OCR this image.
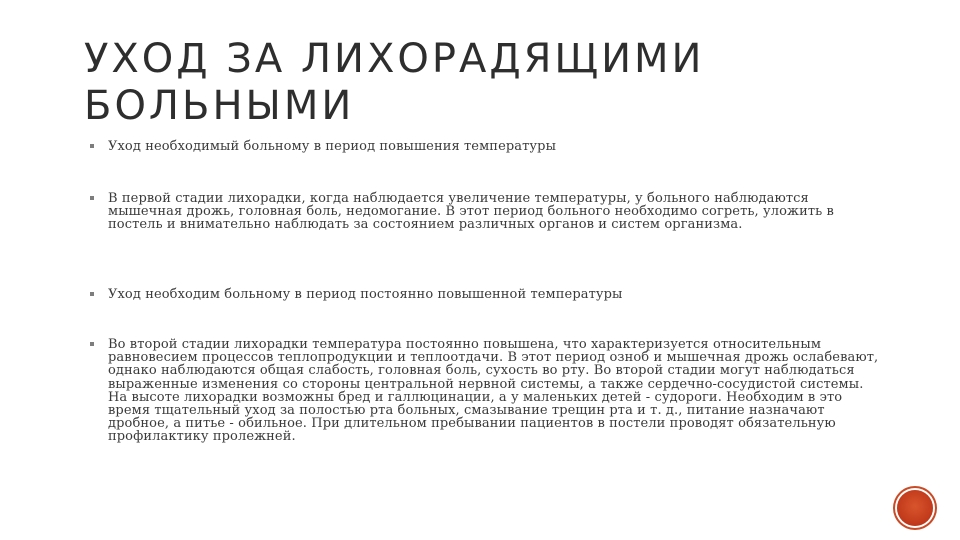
УХОД ЗА ЛИХОРАДЯЩИМИ
БОЛЬНЫМИ
Уход необходимый больному в период повышения температуры
В первой стадии лихорадки, когда наблюдается увеличение температуры, у больного наблюдаются мышечная дрожь, головная боль, недомогание. В этот период больного необходимо согреть, уложить в постель и внимательно наблюдать за состоянием различных органов и систем организма.
Уход необходим больному в период постоянно повышенной температуры
Во второй стадии лихорадки температура постоянно повышена, что характеризуется относительным равновесием процессов теплопродукции и теплоотдачи. В этот период озноб и мышечная дрожь ослабевают, однако наблюдаются общая слабость, головная боль, сухость во рту. Во второй стадии могут наблюдаться выраженные изменения со стороны центральной нервной системы, а также сердечно-сосудистой системы. На высоте лихорадки возможны бред и галлюцинации, а у маленьких детей - судороги. Необходим в это время тщательный уход за полостью рта больных, смазывание трещин рта и т. д., питание назначают дробное, а питье - обильное. При длительном пребывании пациентов в постели проводят обязательную профилактику пролежней.
